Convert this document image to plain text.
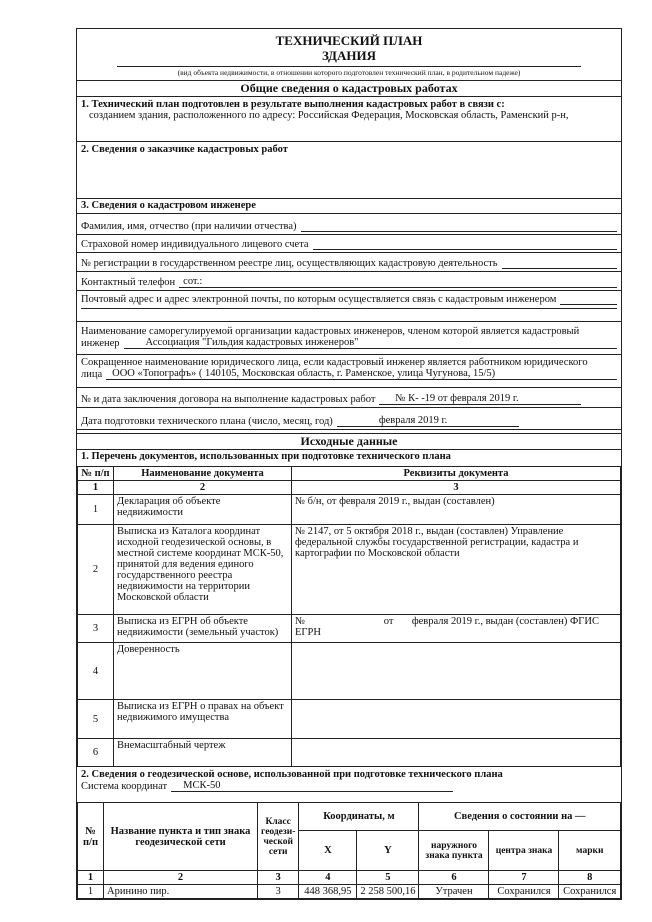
ТЕХНИЧЕСКИЙ ПЛАН
ЗДАНИЯ
(вид объекта недвижимости, в отношении которого подготовлен технический план, в родительном падеже)
Общие сведения о кадастровых работах
1. Технический план подготовлен в результате выполнения кадастровых работ в связи с:
созданием здания, расположенного по адресу: Российская Федерация, Московская область, Раменский р-н,
2. Сведения о заказчике кадастровых работ
3. Сведения о кадастровом инженере
Фамилия, имя, отчество (при наличии отчества)
Страховой номер индивидуального лицевого счета
№ регистрации в государственном реестре лиц, осуществляющих кадастровую деятельность
Контактный телефон сот.:
Почтовый адрес и адрес электронной почты, по которым осуществляется связь с кадастровым инженером
Наименование саморегулируемой организации кадастровых инженеров, членом которой является кадастровый
инженер	Ассоциация "Гильдия кадастровых инженеров"
Сокращенное наименование юридического лица, если кадастровый инженер является работником юридического
лица ООО «Топографъ» ( 140105, Московская область, г. Раменское, улица Чугунова, 15/5)
№ и дата заключения договора на выполнение кадастровых работ	№ К- -19 от февраля 2019 г.
Дата подготовки технического плана (число, месяц, год)	февраля 2019 г.
Исходные данные
1. Перечень документов, использованных при подготовке технического плана
№ п/п	Наименование документа	Реквизиты документа
1	2	3
1	Декларация об объекте недвижимости	№ б/н, от февраля 2019 г., выдан (составлен)
2	Выписка из Каталога координат исходной геодезической основы, в местной системе координат МСК-50, принятой для ведения единого государственного реестра недвижимости на территории Московской области	№ 2147, от 5 октября 2018 г., выдан (составлен) Управление федеральной службы государственной регистрации, кадастра и картографии по Московской области
3	Выписка из ЕГРН об объекте недвижимости (земельный участок)	№                              от       февраля 2019 г., выдан (составлен) ФГИС ЕГРН
4	Доверенность	
5	Выписка из ЕГРН о правах на объект недвижимого имущества	
6	Внемасштабный чертеж	
2. Сведения о геодезической основе, использованной при подготовке технического плана
Система координат	МСК-50
№ п/п	Название пункта и тип знака геодезической сети	Класс геодези-ческой сети	Координаты, м		Сведения о состоянии на —		
			X	Y	наружного знака пункта	центра знака	марки
1	2	3	4	5	6	7	8
1	Аринино пир.	3	448 368,95	2 258 500,16	Утрачен	Сохранился	Сохранился
